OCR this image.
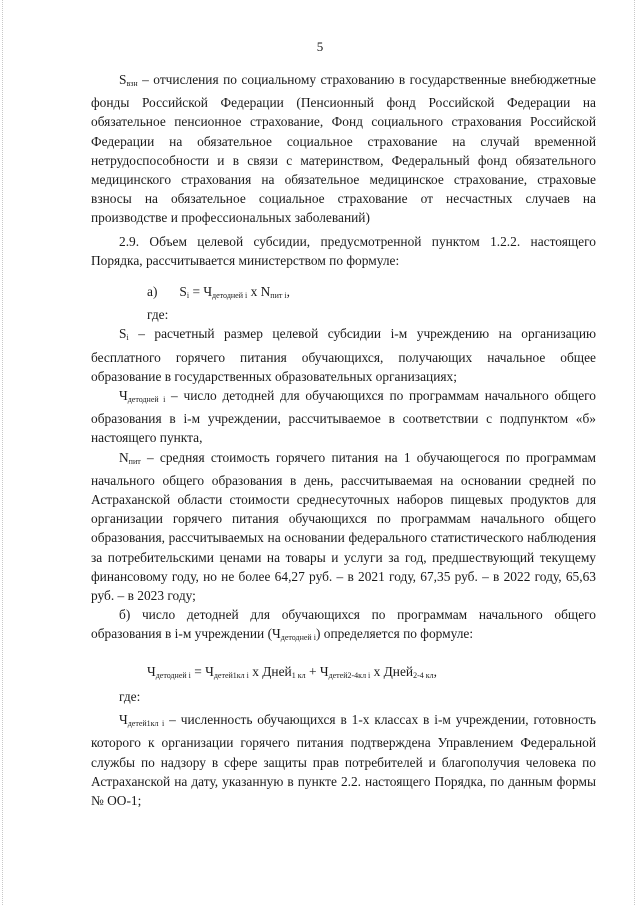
5

$S_{взн}$ – отчисления по социальному страхованию в государственные внебюджетные фонды Российской Федерации (Пенсионный фонд Российской Федерации на обязательное пенсионное страхование, Фонд социального страхования Российской Федерации на обязательное социальное страхование на случай временной нетрудоспособности и в связи с материнством, Федеральный фонд обязательного медицинского страхования на обязательное медицинское страхование, страховые взносы на обязательное социальное страхование от несчастных случаев на производстве и профессиональных заболеваний)

2.9. Объем целевой субсидии, предусмотренной пунктом 1.2.2. настоящего Порядка, рассчитывается министерством по формуле:

а) $S_i = Ч_{детодней i}$ x $N_{пит i}$,

где:

$S_i$ – расчетный размер целевой субсидии i-м учреждению на организацию бесплатного горячего питания обучающихся, получающих начальное общее образование в государственных образовательных организациях;

$Ч_{детодней i}$ – число детодней для обучающихся по программам начального общего образования в i-м учреждении, рассчитываемое в соответствии с подпунктом «б» настоящего пункта,

$N_{пит}$ – средняя стоимость горячего питания на 1 обучающегося по программам начального общего образования в день, рассчитываемая на основании средней по Астраханской области стоимости среднесуточных наборов пищевых продуктов для организации горячего питания обучающихся по программам начального общего образования, рассчитываемых на основании федерального статистического наблюдения за потребительскими ценами на товары и услуги за год, предшествующий текущему финансовому году, но не более 64,27 руб. – в 2021 году, 67,35 руб. – в 2022 году, 65,63 руб. – в 2023 году;

б) число детодней для обучающихся по программам начального общего образования в i-м учреждении $(Ч_{детодней i})$ определяется по формуле:

$Ч_{детодней i} = Ч_{детей1кл i}$ х Дней$_{1 кл}$ + $Ч_{детей2-4кл i}$ х Дней$_{2-4 кл}$,

где:

$Ч_{детей1кл i}$ – численность обучающихся в 1-х классах в i-м учреждении, готовность которого к организации горячего питания подтверждена Управлением Федеральной службы по надзору в сфере защиты прав потребителей и благополучия человека по Астраханской на дату, указанную в пункте 2.2. настоящего Порядка, по данным формы № ОО-1;
